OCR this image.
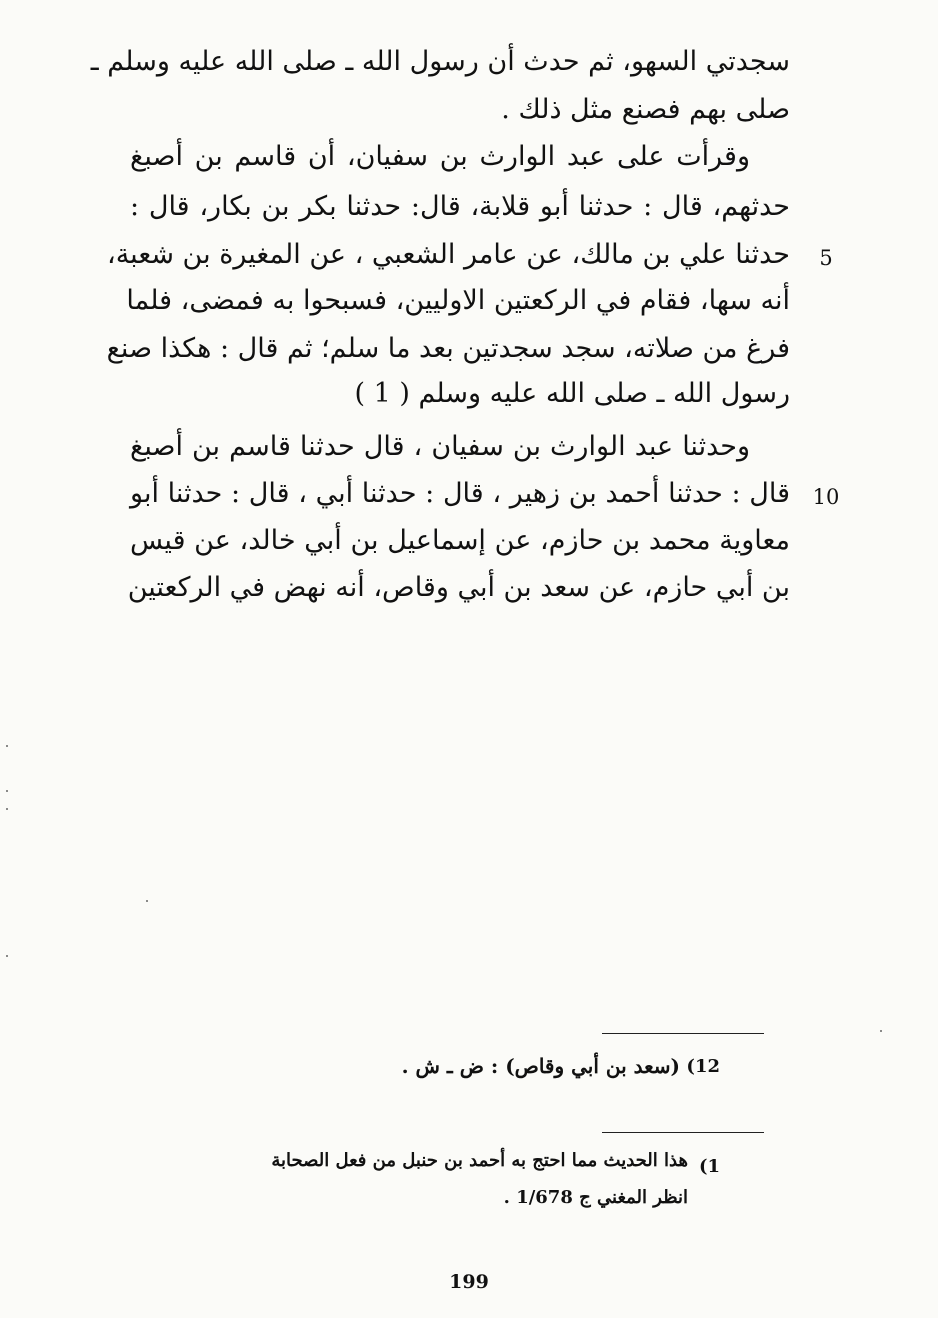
سجدتي السهو، ثم حدث أن رسول الله ـ صلى الله عليه وسلم ـ
صلى بهم فصنع مثل ذلك .
وقرأت على عبد الوارث بن سفيان، أن قاسم بن أصبغ
حدثهم، قال : حدثنا أبو قلابة، قال: حدثنا بكر بن بكار، قال :
حدثنا علي بن مالك، عن عامر الشعبي ، عن المغيرة بن شعبة،
أنه سها، فقام في الركعتين الاوليين، فسبحوا به فمضى، فلما
فرغ من صلاته، سجد سجدتين بعد ما سلم؛ ثم قال : هكذا صنع
رسول الله ـ صلى الله عليه وسلم ( 1 )
وحدثنا عبد الوارث بن سفيان ، قال حدثنا قاسم بن أصبغ
قال : حدثنا أحمد بن زهير ، قال : حدثنا أبي ، قال : حدثنا أبو
معاوية محمد بن حازم، عن إسماعيل بن أبي خالد، عن قيس
بن أبي حازم، عن سعد بن أبي وقاص، أنه نهض في الركعتين
5
10
12)
(سعد بن أبي وقاص) : ض ـ ش .
1)
هذا الحديث مما احتج به أحمد بن حنبل من فعل الصحابة
انظر المغني ج 1/678 .
199
